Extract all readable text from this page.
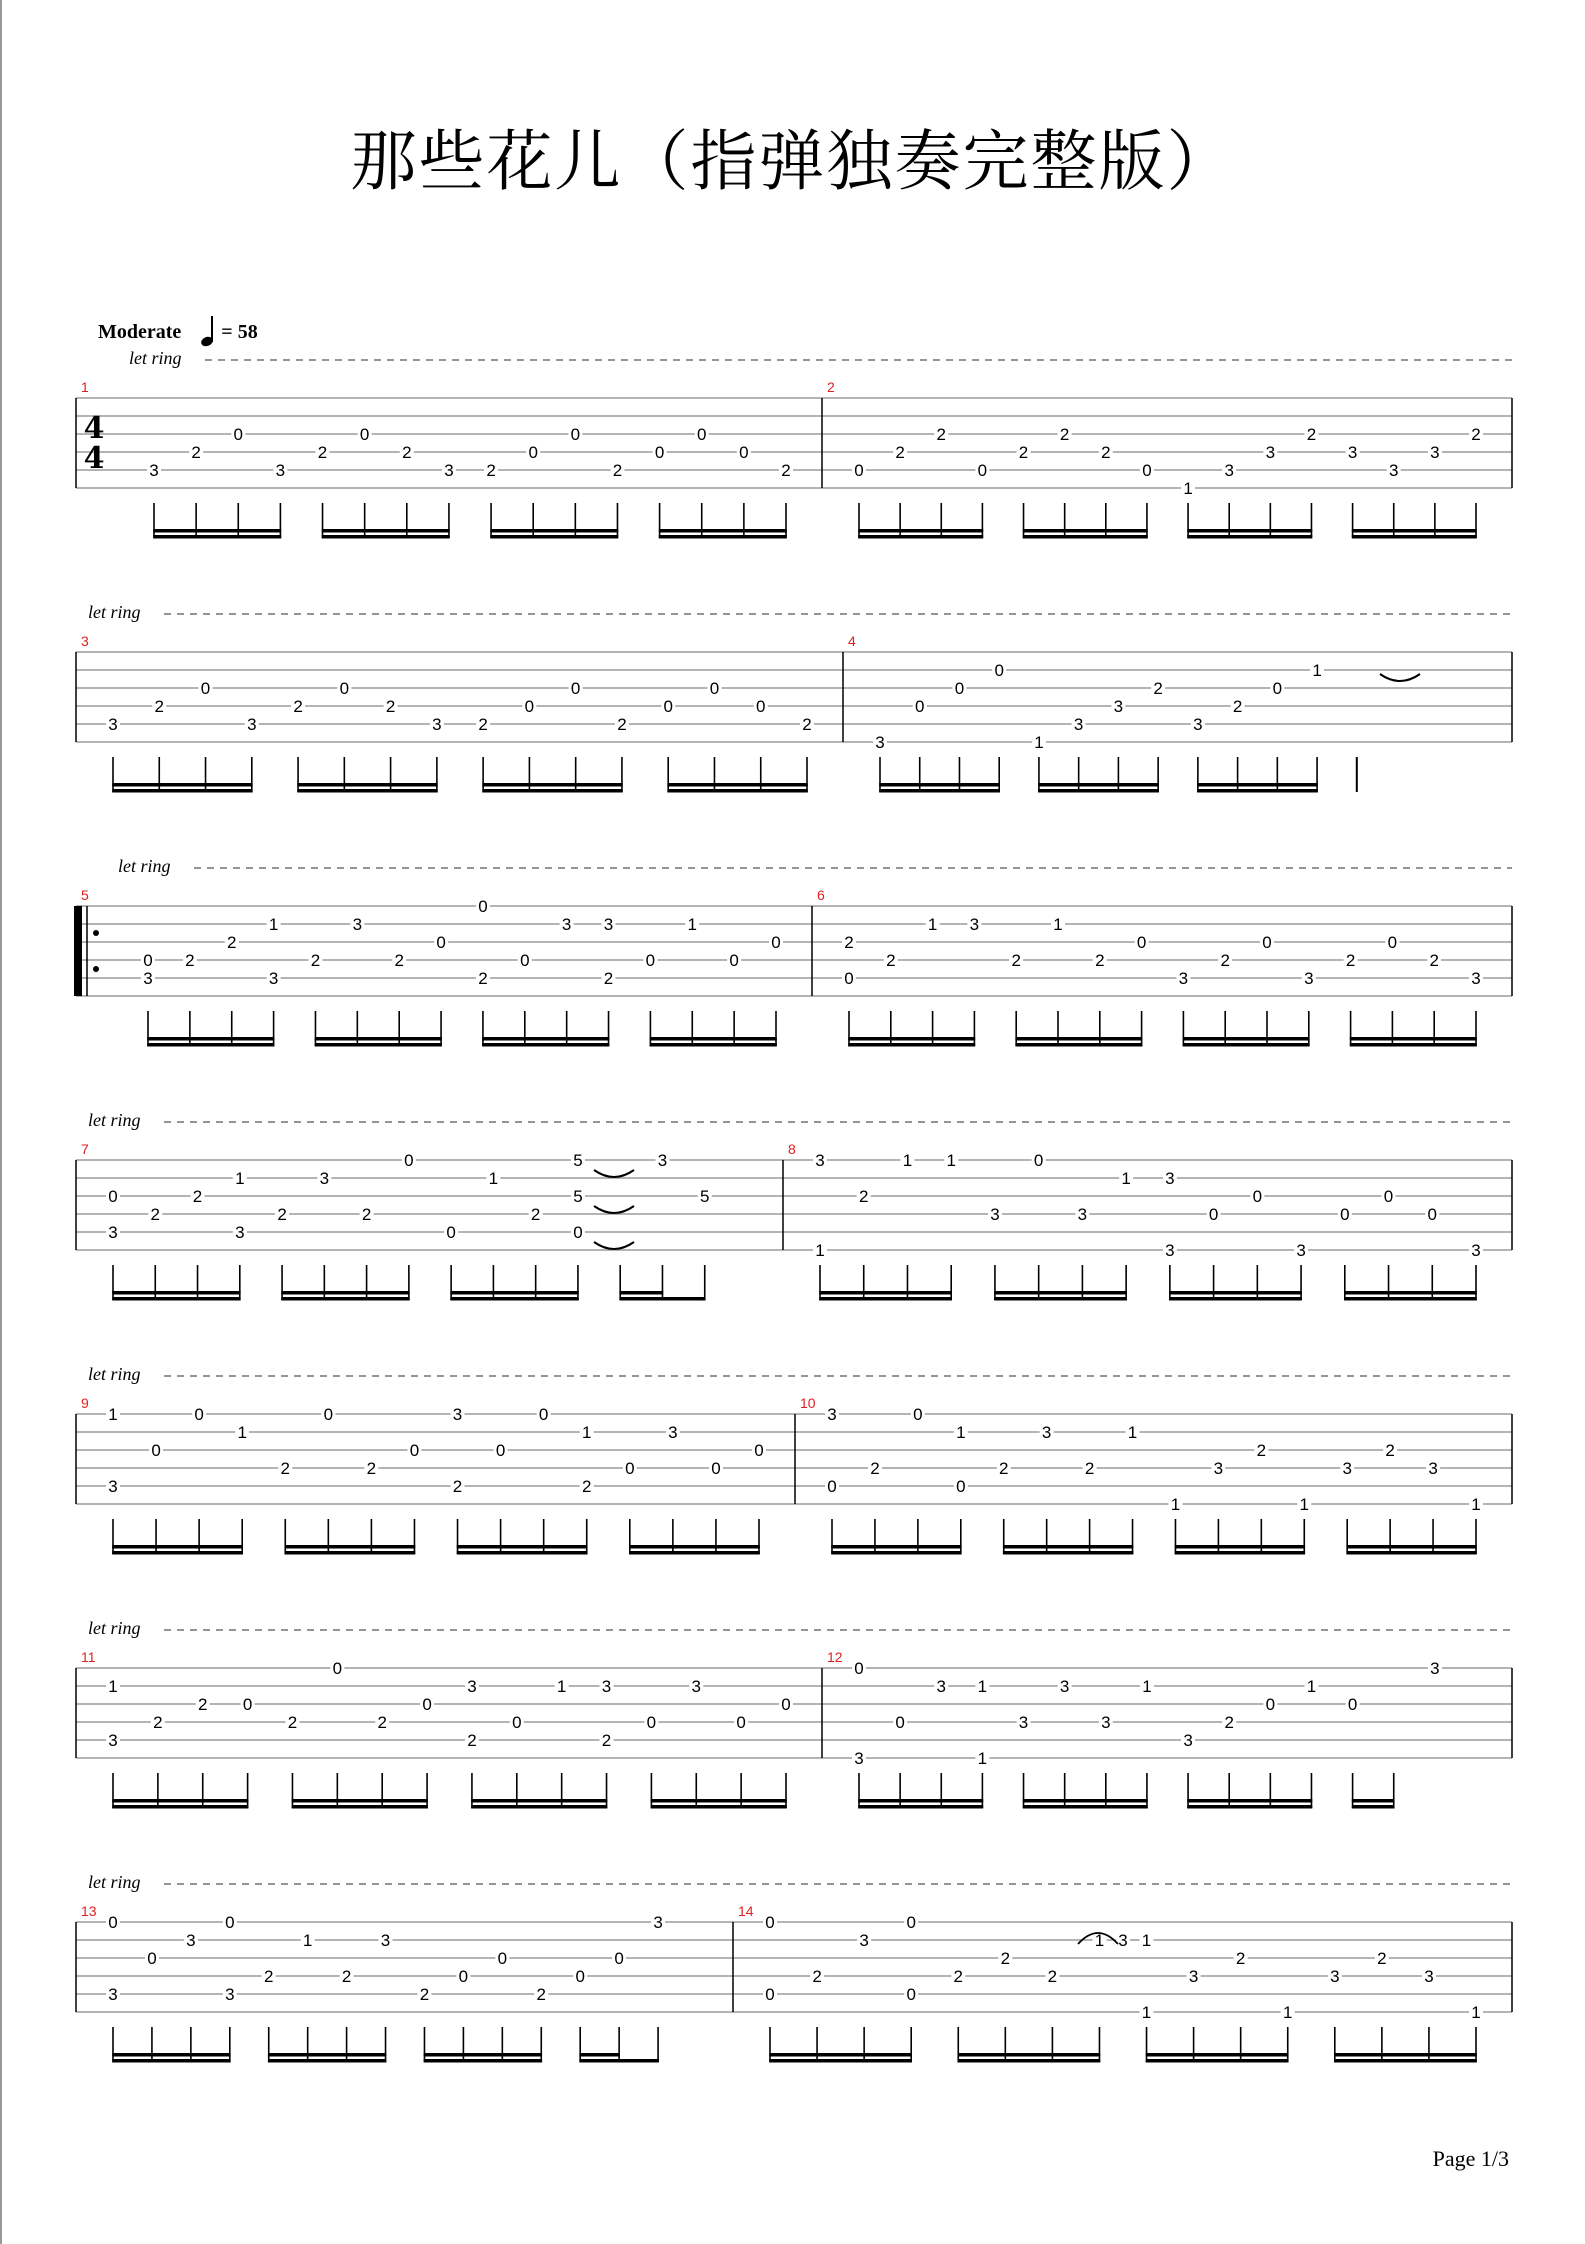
那些花儿（指弹独奏完整版）
Moderate = 58
let ring
4
4
1
3
2
0
3
2
0
2
3 2
0
0
2
0
0
0
2
2
0
2
2
0
2
2
2
0
1
3
3
2
3
3
3
2
let ring
3
3
2
0
3
2
0
2
3 2
0
0
2
0
0
0
2
4
3
0
0
0
1
3
3
2
3
2
0
1
let ring
5
3
0 2
2
1
3
2
3
2
0
0
2
0
3 3
2
0
1
0
0
6
2
0
2
1 3
2
1
2
0
3
2
0
3
2
0
2
3
let ring
7
0
3
2
2
1
3
2
3
2
0
0
1
2
5
5
0
3
5
8
3
1
2
1 1
3
0
3
1 3
3
0
0
3
0
0
0
3
let ring
9
1
3
0
0
1
2
0
2
0
3
2
0
0
1
2
0
3
0
0
10
3
0
2
0
1
0
2
3
2
1
1
3
2
1
3
2
3
1
let ring
11
1
3
2
2 0
2
0
2
0
3
2
0
1 3
2
0
3
0
0
12
0
3
0
3 1
1
3
3
3
1
3
2
0
1
0
3
let ring
13
0
3
0
3
0
3
2
1
2
3
2
0
0
2
0
0
3
14
0
0
2
3
0
0
2
2
2
1 3 1
1
3
2
1
3
2
3
1
Page 1/3
